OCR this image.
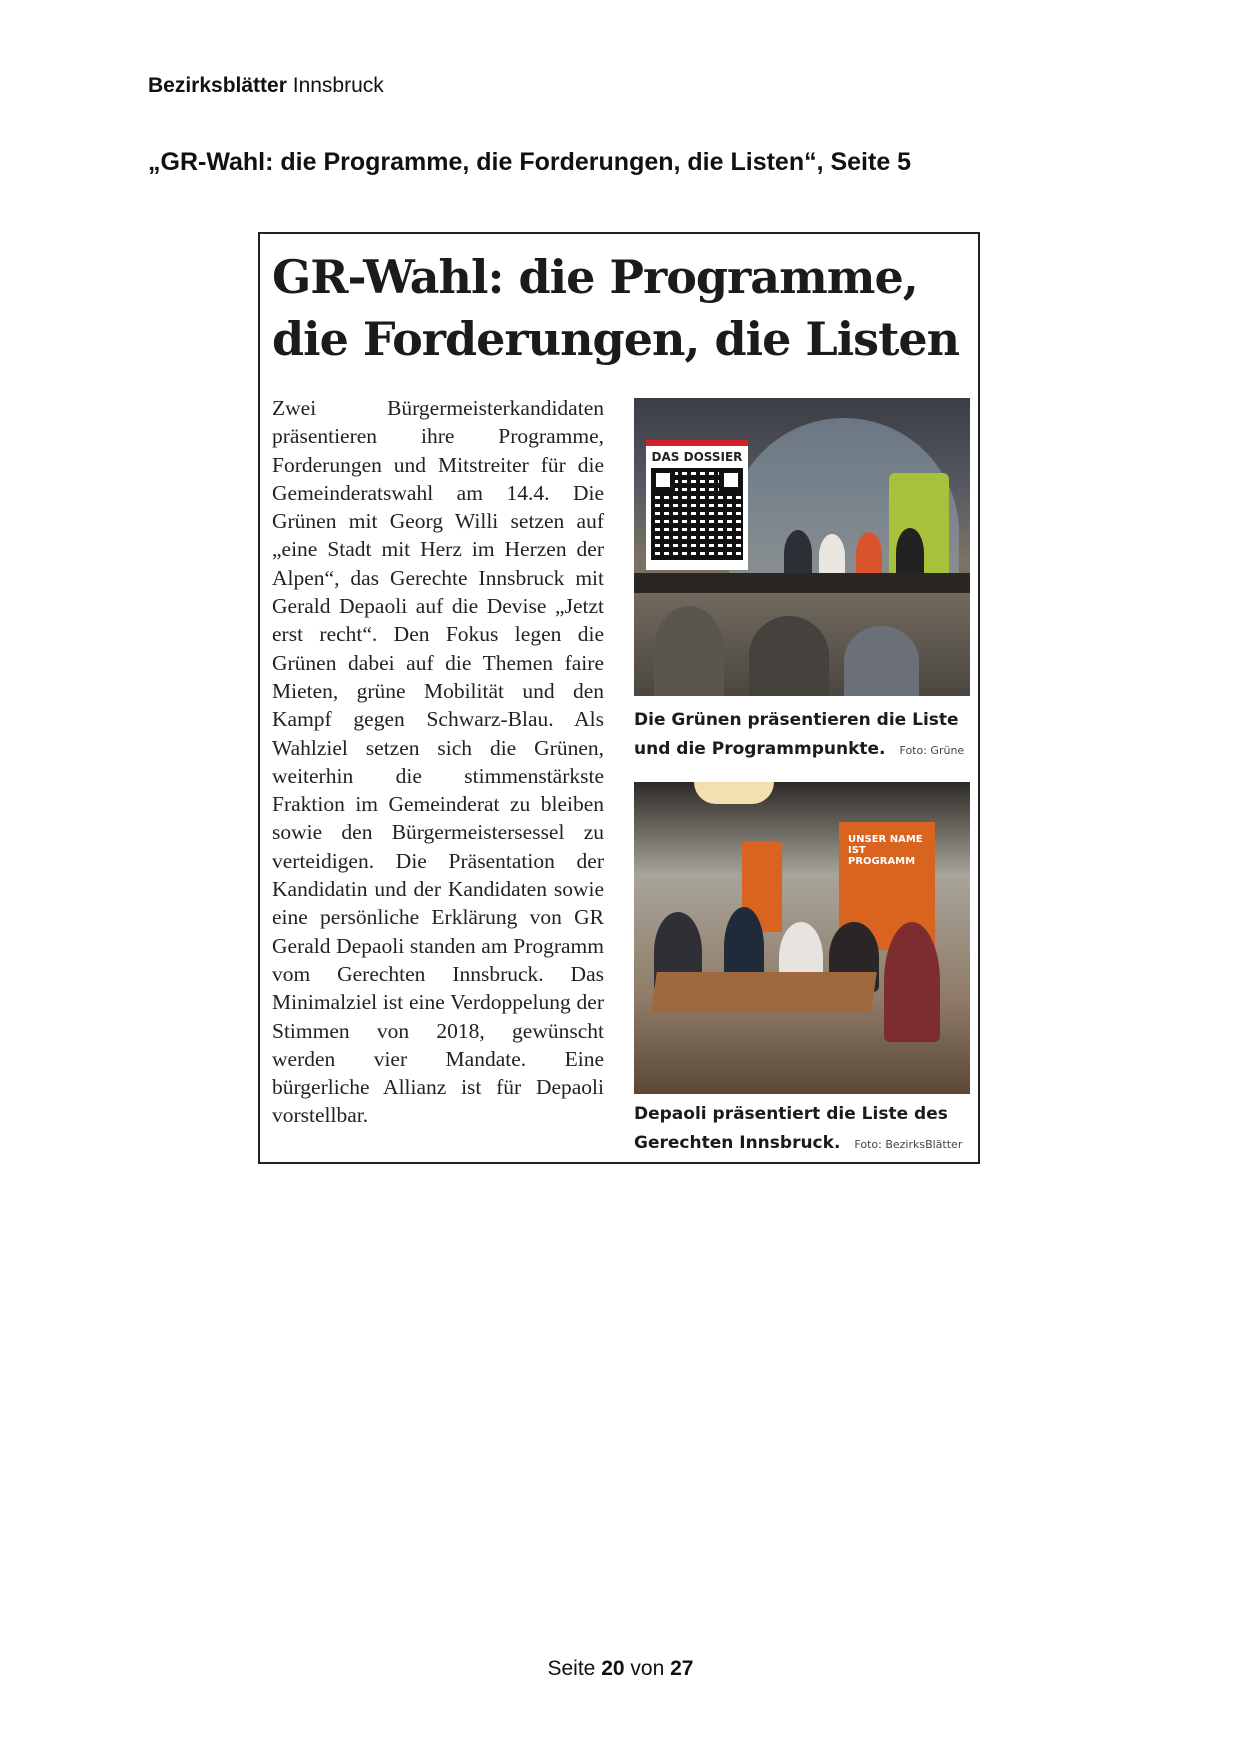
Bezirksblätter Innsbruck
„GR-Wahl: die Programme, die Forderungen, die Listen“, Seite 5
GR-Wahl: die Programme,
die Forderungen, die Listen
Zwei Bürgermeisterkandidaten präsentieren ihre Programme, Forderungen und Mitstreiter für die Gemeinderatswahl am 14.4. Die Grünen mit Georg Willi setzen auf „eine Stadt mit Herz im Herzen der Alpen“, das Gerechte Innsbruck mit Gerald Depaoli auf die Devise „Jetzt erst recht“. Den Fokus legen die Grünen dabei auf die Themen faire Mieten, grüne Mobilität und den Kampf gegen Schwarz-Blau. Als Wahlziel setzen sich die Grünen, weiterhin die stimmenstärkste Fraktion im Gemeinderat zu bleiben sowie den Bürgermeistersessel zu verteidigen. Die Präsentation der Kandidatin und der Kandidaten sowie eine persönliche Erklärung von GR Gerald Depaoli standen am Programm vom Gerechten Innsbruck. Das Minimalziel ist eine Verdoppelung der Stimmen von 2018, gewünscht werden vier Mandate. Eine bürgerliche Allianz ist für Depaoli vorstellbar.
DAS DOSSIER
Die Grünen präsentieren die Liste und die Programmpunkte. Foto: Grüne
UNSER NAME IST PROGRAMM
Depaoli präsentiert die Liste des Gerechten Innsbruck. Foto: BezirksBlätter
Seite 20 von 27
